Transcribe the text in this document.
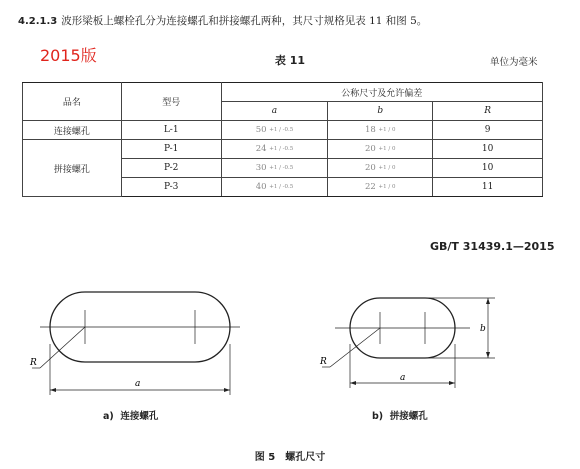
4.2.1.3 波形梁板上螺栓孔分为连接螺孔和拼接螺孔两种，其尺寸规格见表 11 和图 5。
2015版	表 11	单位为毫米
品名	型号	公称尺寸及允许偏差		
		a	b	R
连接螺孔	L-1	50 +1 / -0.5	18 +1 / 0	9
拼接螺孔	P-1	24 +1 / -0.5	20 +1 / 0	10
	P-2	30 +1 / -0.5	20 +1 / 0	10
	P-3	40 +1 / -0.5	22 +1 / 0	11
GB/T 31439.1—2015
a
R
a
b
R
a) 连接螺孔	b) 拼接螺孔
图 5　螺孔尺寸
